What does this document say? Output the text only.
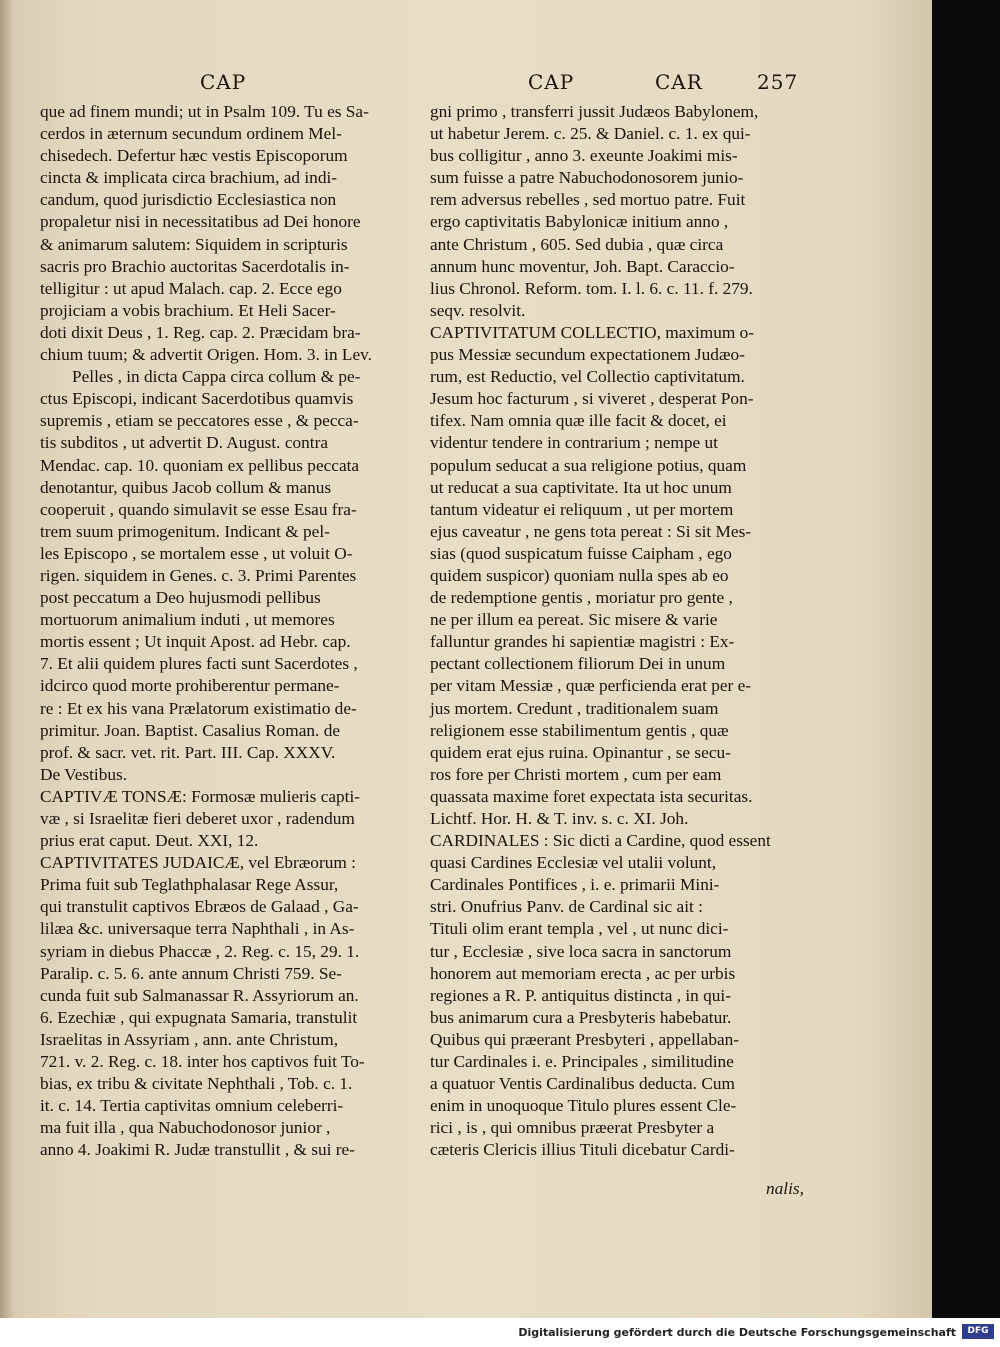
CAP	CAP	CAR	257

que ad finem mundi; ut in Psalm 109. Tu es Sa-

cerdos in æternum secundum ordinem Mel-

chisedech. Defertur hæc vestis Episcoporum

cincta & implicata circa brachium, ad indi-

candum, quod jurisdictio Ecclesiastica non

propaletur nisi in necessitatibus ad Dei honore

& animarum salutem: Siquidem in scripturis

sacris pro Brachio auctoritas Sacerdotalis in-

telligitur : ut apud Malach. cap. 2. Ecce ego

projiciam a vobis brachium. Et Heli Sacer-

doti dixit Deus , 1. Reg. cap. 2. Præcidam bra-

chium tuum; & advertit Origen. Hom. 3. in Lev.

Pelles , in dicta Cappa circa collum & pe-

ctus Episcopi, indicant Sacerdotibus quamvis

supremis , etiam se peccatores esse , & pecca-

tis subditos , ut advertit D. August. contra

Mendac. cap. 10. quoniam ex pellibus peccata

denotantur, quibus Jacob collum & manus

cooperuit , quando simulavit se esse Esau fra-

trem suum primogenitum. Indicant & pel-

les Episcopo , se mortalem esse , ut voluit O-

rigen. siquidem in Genes. c. 3. Primi Parentes

post peccatum a Deo hujusmodi pellibus

mortuorum animalium induti , ut memores

mortis essent ; Ut inquit Apost. ad Hebr. cap.

7. Et alii quidem plures facti sunt Sacerdotes ,

idcirco quod morte prohiberentur permane-

re : Et ex his vana Prælatorum existimatio de-

primitur. Joan. Baptist. Casalius Roman. de

prof. & sacr. vet. rit. Part. III. Cap. XXXV.

De Vestibus.

CAPTIVÆ TONSÆ: Formosæ mulieris capti-

væ , si Israelitæ fieri deberet uxor , radendum

prius erat caput. Deut. XXI, 12.

CAPTIVITATES JUDAICÆ, vel Ebræorum :

Prima fuit sub Teglathphalasar Rege Assur,

qui transtulit captivos Ebræos de Galaad , Ga-

lilæa &c. universaque terra Naphthali , in As-

syriam in diebus Phaccæ , 2. Reg. c. 15, 29. 1.

Paralip. c. 5. 6. ante annum Christi 759. Se-

cunda fuit sub Salmanassar R. Assyriorum an.

6. Ezechiæ , qui expugnata Samaria, transtulit

Israelitas in Assyriam , ann. ante Christum,

721. v. 2. Reg. c. 18. inter hos captivos fuit To-

bias, ex tribu & civitate Nephthali , Tob. c. 1.

it. c. 14. Tertia captivitas omnium celeberri-

ma fuit illa , qua Nabuchodonosor junior ,

anno 4. Joakimi R. Judæ transtullit , & sui re-

gni primo , transferri jussit Judæos Babylonem,

ut habetur Jerem. c. 25. & Daniel. c. 1. ex qui-

bus colligitur , anno 3. exeunte Joakimi mis-

sum fuisse a patre Nabuchodonosorem junio-

rem adversus rebelles , sed mortuo patre. Fuit

ergo captivitatis Babylonicæ initium anno ,

ante Christum , 605. Sed dubia , quæ circa

annum hunc moventur, Joh. Bapt. Caraccio-

lius Chronol. Reform. tom. I. l. 6. c. 11. f. 279.

seqv. resolvit.

CAPTIVITATUM COLLECTIO, maximum o-

pus Messiæ secundum expectationem Judæo-

rum, est Reductio, vel Collectio captivitatum.

Jesum hoc facturum , si viveret , desperat Pon-

tifex. Nam omnia quæ ille facit & docet, ei

videntur tendere in contrarium ; nempe ut

populum seducat a sua religione potius, quam

ut reducat a sua captivitate. Ita ut hoc unum

tantum videatur ei reliquum , ut per mortem

ejus caveatur , ne gens tota pereat : Si sit Mes-

sias (quod suspicatum fuisse Caipham , ego

quidem suspicor) quoniam nulla spes ab eo

de redemptione gentis , moriatur pro gente ,

ne per illum ea pereat. Sic misere & varie

falluntur grandes hi sapientiæ magistri : Ex-

pectant collectionem filiorum Dei in unum

per vitam Messiæ , quæ perficienda erat per e-

jus mortem. Credunt , traditionalem suam

religionem esse stabilimentum gentis , quæ

quidem erat ejus ruina. Opinantur , se secu-

ros fore per Christi mortem , cum per eam

quassata maxime foret expectata ista securitas.

Lichtf. Hor. H. & T. inv. s. c. XI. Joh.

CARDINALES : Sic dicti a Cardine, quod essent

quasi Cardines Ecclesiæ vel utalii volunt,

Cardinales Pontifices , i. e. primarii Mini-

stri. Onufrius Panv. de Cardinal sic ait :

Tituli olim erant templa , vel , ut nunc dici-

tur , Ecclesiæ , sive loca sacra in sanctorum

honorem aut memoriam erecta , ac per urbis

regiones a R. P. antiquitus distincta , in qui-

bus animarum cura a Presbyteris habebatur.

Quibus qui præerant Presbyteri , appellaban-

tur Cardinales i. e. Principales , similitudine

a quatuor Ventis Cardinalibus deducta. Cum

enim in unoquoque Titulo plures essent Cle-

rici , is , qui omnibus præerat Presbyter a

cæteris Clericis illius Tituli dicebatur Cardi-

nalis,
Digitalisierung gefördert durch die Deutsche Forschungsgemeinschaft	DFG
